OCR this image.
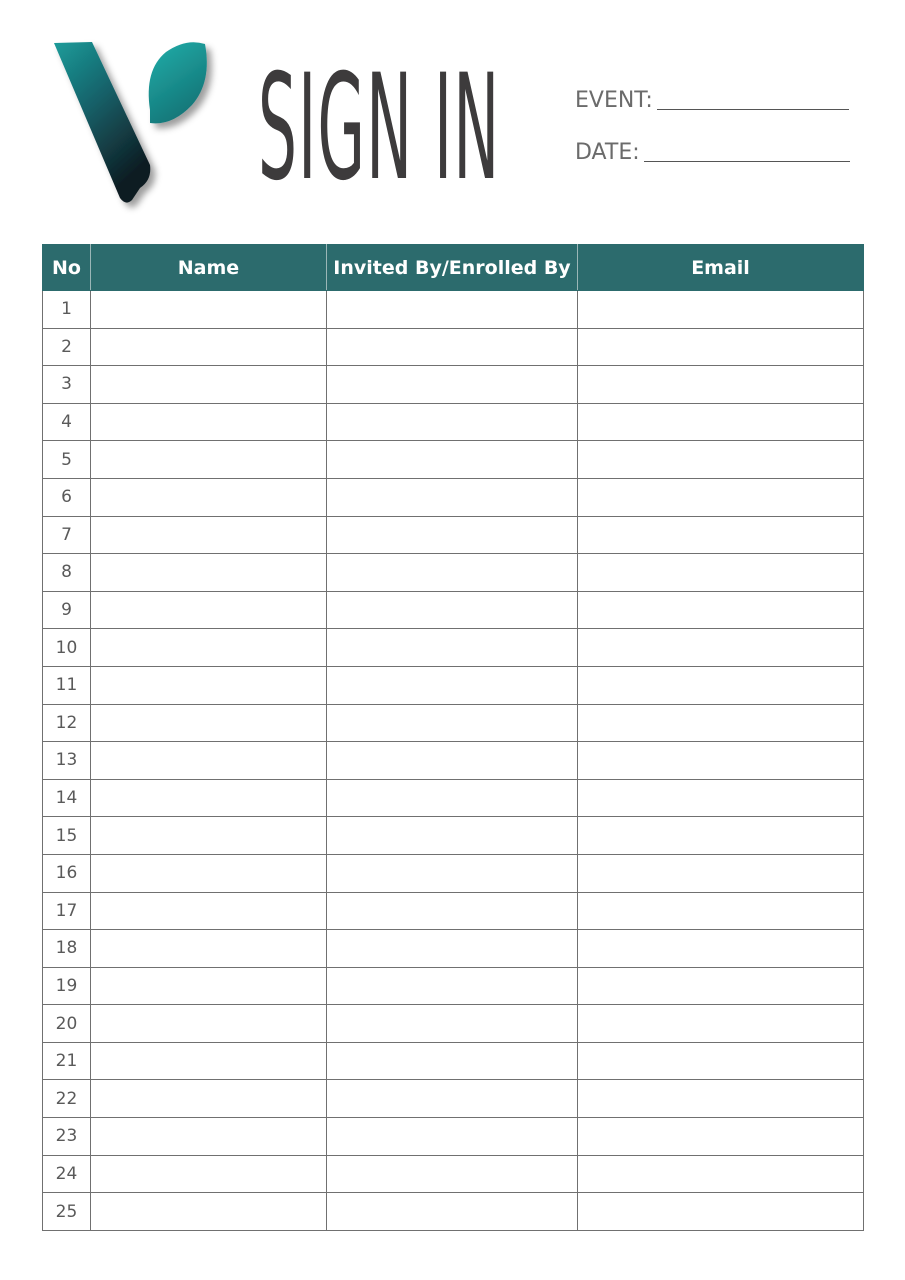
SIGN IN	EVENT:
DATE:
No	Name	Invited By/Enrolled By	Email
1			
2			
3			
4			
5			
6			
7			
8			
9			
10			
11			
12			
13			
14			
15			
16			
17			
18			
19			
20			
21			
22			
23			
24			
25			
